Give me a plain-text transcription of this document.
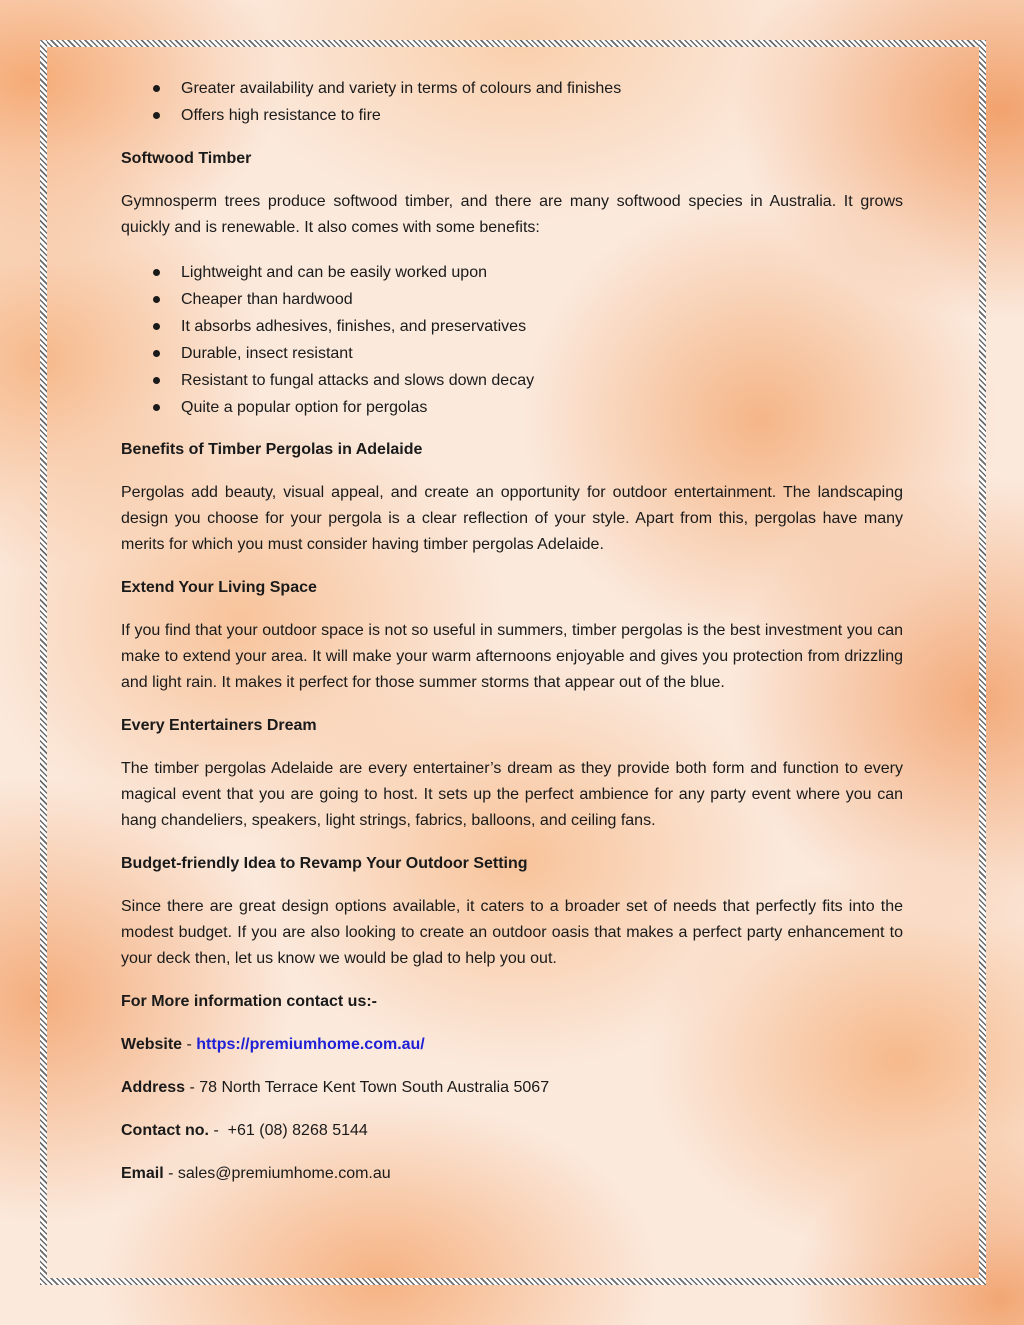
Greater availability and variety in terms of colours and finishes
Offers high resistance to fire
Softwood Timber

Gymnosperm trees produce softwood timber, and there are many softwood species in Australia. It grows quickly and is renewable. It also comes with some benefits:

Lightweight and can be easily worked upon
Cheaper than hardwood
It absorbs adhesives, finishes, and preservatives
Durable, insect resistant
Resistant to fungal attacks and slows down decay
Quite a popular option for pergolas
Benefits of Timber Pergolas in Adelaide

Pergolas add beauty, visual appeal, and create an opportunity for outdoor entertainment. The landscaping design you choose for your pergola is a clear reflection of your style. Apart from this, pergolas have many merits for which you must consider having timber pergolas Adelaide.

Extend Your Living Space

If you find that your outdoor space is not so useful in summers, timber pergolas is the best investment you can make to extend your area. It will make your warm afternoons enjoyable and gives you protection from drizzling and light rain. It makes it perfect for those summer storms that appear out of the blue.

Every Entertainers Dream

The timber pergolas Adelaide are every entertainer’s dream as they provide both form and function to every magical event that you are going to host. It sets up the perfect ambience for any party event where you can hang chandeliers, speakers, light strings, fabrics, balloons, and ceiling fans.

Budget-friendly Idea to Revamp Your Outdoor Setting

Since there are great design options available, it caters to a broader set of needs that perfectly fits into the modest budget. If you are also looking to create an outdoor oasis that makes a perfect party enhancement to your deck then, let us know we would be glad to help you out.

For More information contact us:-

Website - https://premiumhome.com.au/

Address - 78 North Terrace Kent Town South Australia 5067

Contact no. -  +61 (08) 8268 5144

Email - sales@premiumhome.com.au
